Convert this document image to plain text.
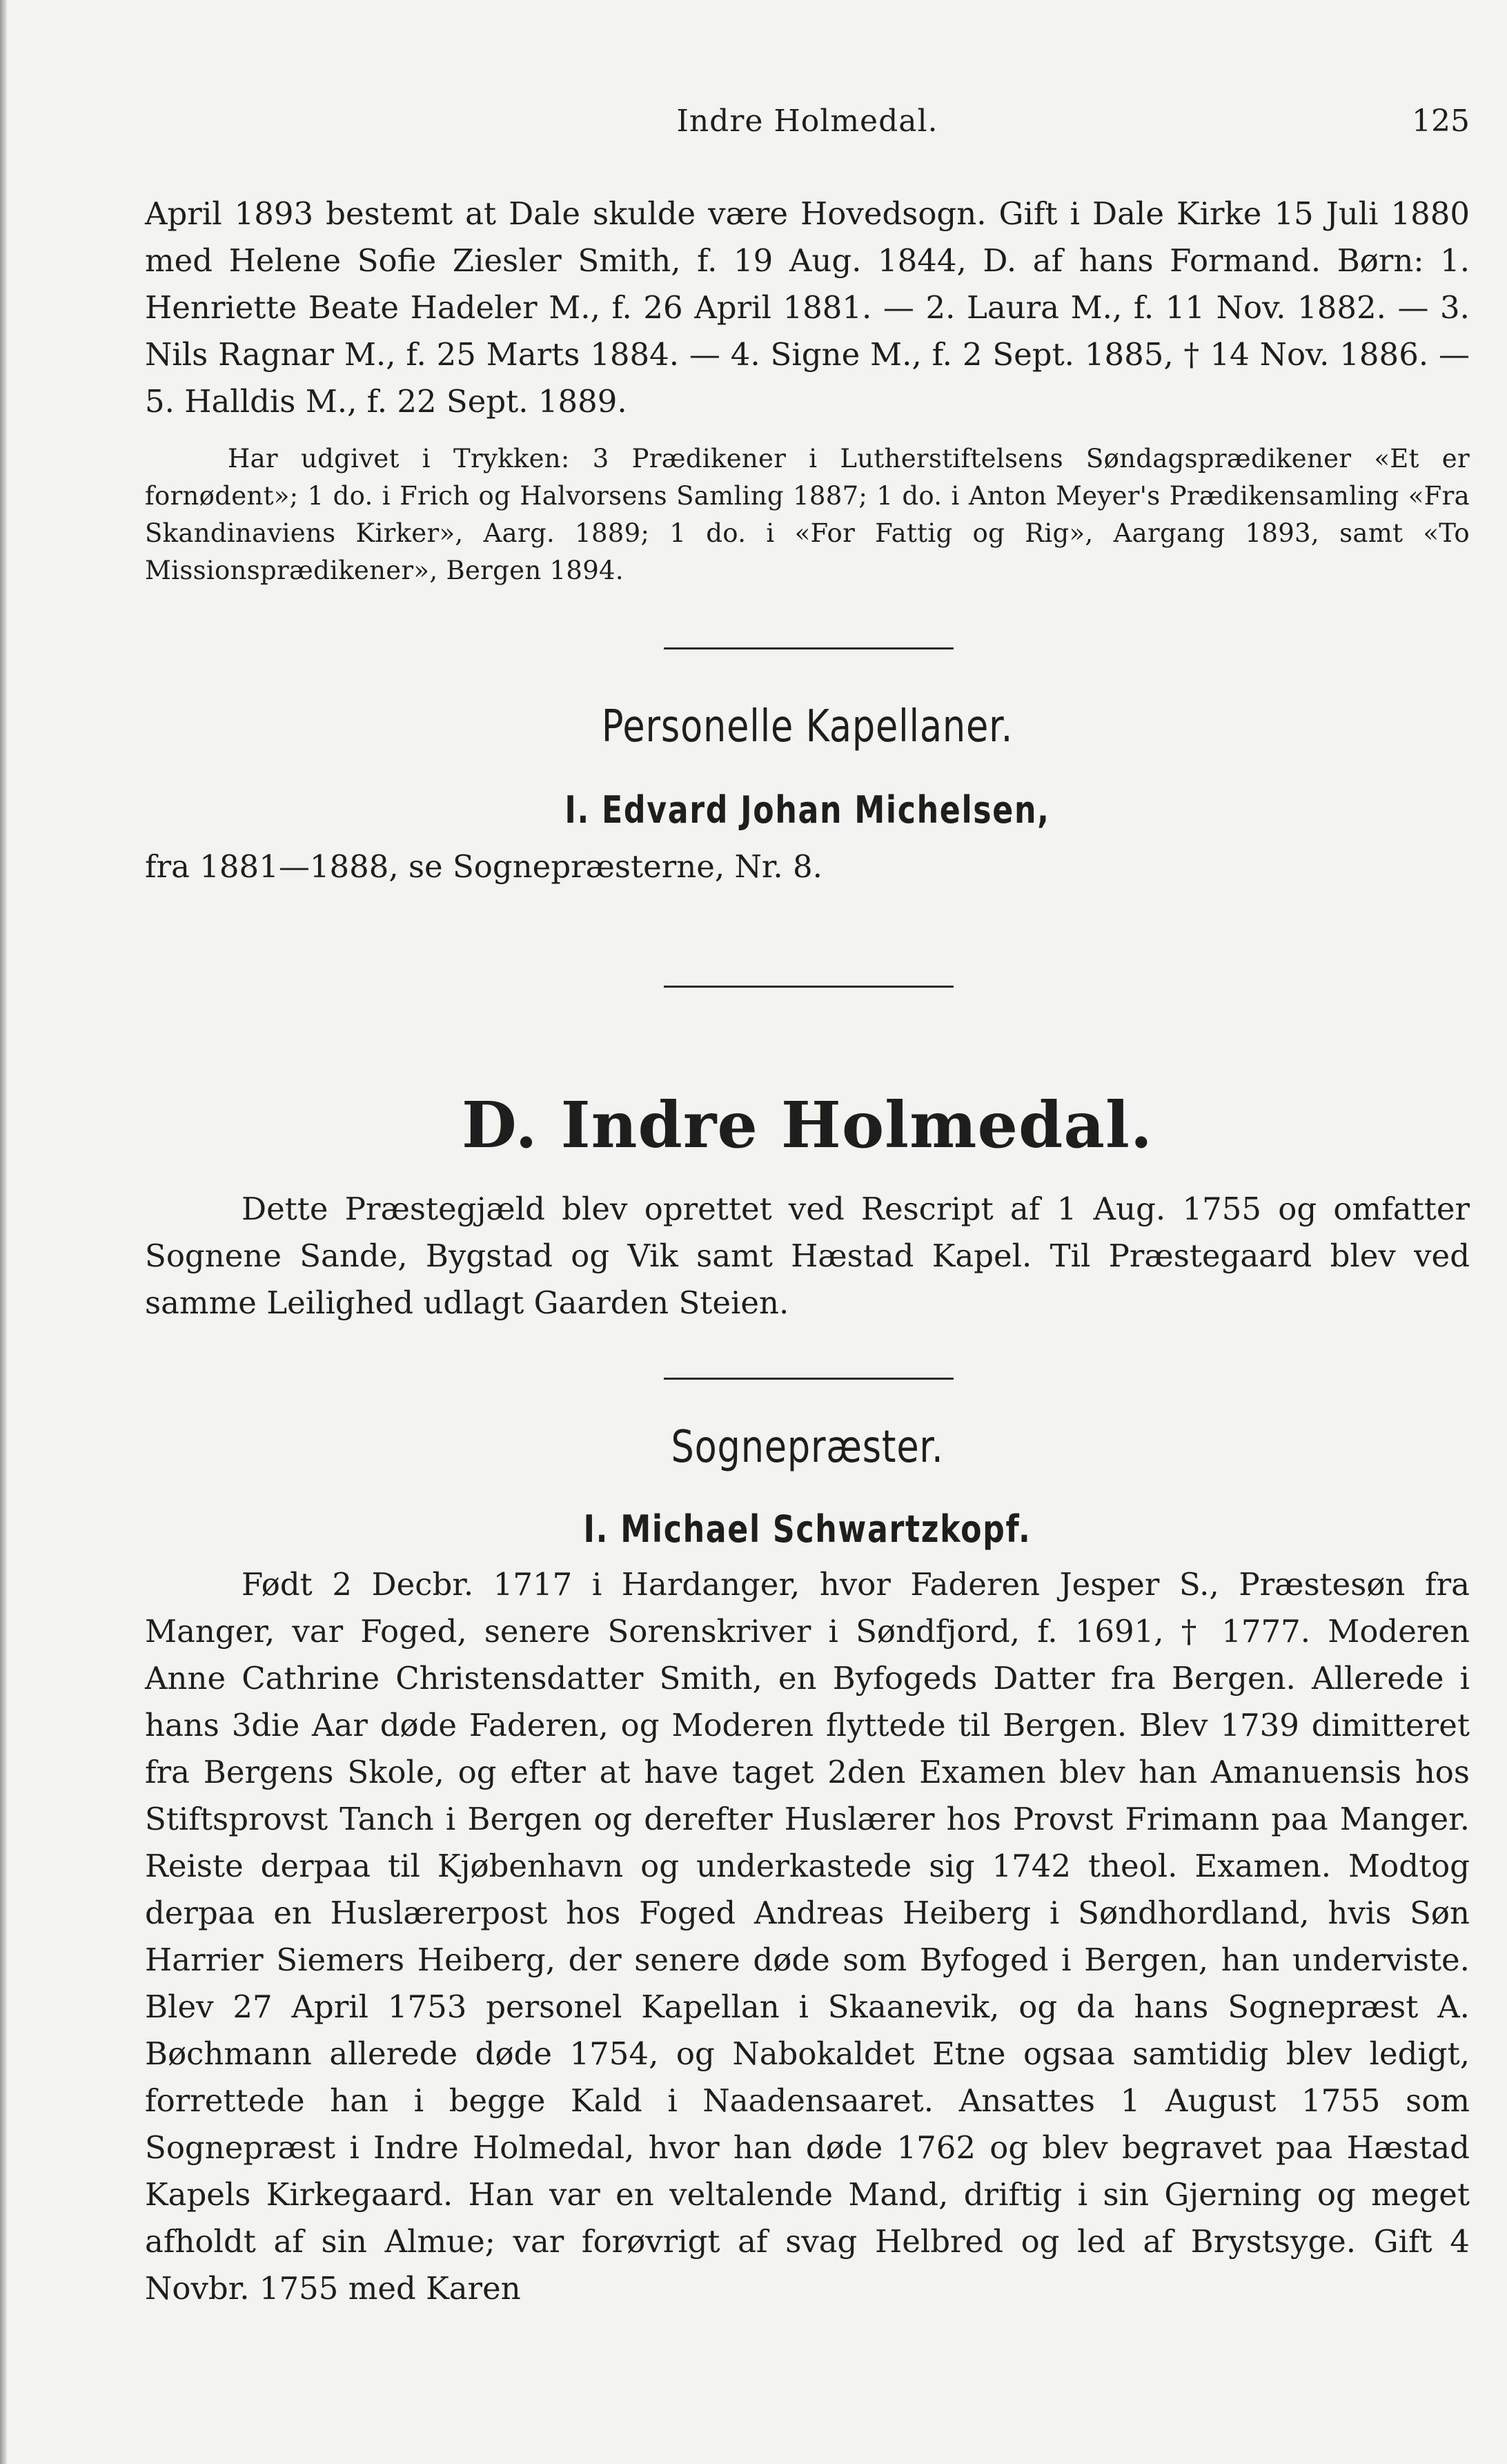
Indre Holmedal.	125

April 1893 bestemt at Dale skulde være Hovedsogn. Gift i Dale Kirke 15 Juli 1880 med Helene Sofie Ziesler Smith, f. 19 Aug. 1844, D. af hans Formand. Børn: 1. Henriette Beate Hadeler M., f. 26 April 1881. — 2. Laura M., f. 11 Nov. 1882. — 3. Nils Ragnar M., f. 25 Marts 1884. — 4. Signe M., f. 2 Sept. 1885, † 14 Nov. 1886. — 5. Halldis M., f. 22 Sept. 1889.

Har udgivet i Trykken: 3 Prædikener i Lutherstiftelsens Søndagsprædikener «Et er fornødent»; 1 do. i Frich og Halvorsens Samling 1887; 1 do. i Anton Meyer's Prædikensamling «Fra Skandinaviens Kirker», Aarg. 1889; 1 do. i «For Fattig og Rig», Aargang 1893, samt «To Missionsprædikener», Bergen 1894.

Personelle Kapellaner.
I. Edvard Johan Michelsen,

fra 1881—1888, se Sognepræsterne, Nr. 8.

D. Indre Holmedal.

Dette Præstegjæld blev oprettet ved Rescript af 1 Aug. 1755 og omfatter Sognene Sande, Bygstad og Vik samt Hæstad Kapel. Til Præstegaard blev ved samme Leilighed udlagt Gaarden Steien.

Sognepræster.
I. Michael Schwartzkopf.

Født 2 Decbr. 1717 i Hardanger, hvor Faderen Jesper S., Præstesøn fra Manger, var Foged, senere Sorenskriver i Søndfjord, f. 1691, † 1777. Moderen Anne Cathrine Christensdatter Smith, en Byfogeds Datter fra Bergen. Allerede i hans 3die Aar døde Faderen, og Moderen flyttede til Bergen. Blev 1739 dimitteret fra Bergens Skole, og efter at have taget 2den Examen blev han Amanuensis hos Stiftsprovst Tanch i Bergen og derefter Huslærer hos Provst Frimann paa Manger. Reiste derpaa til Kjøbenhavn og underkastede sig 1742 theol. Examen. Modtog derpaa en Huslærerpost hos Foged Andreas Heiberg i Søndhordland, hvis Søn Harrier Siemers Heiberg, der senere døde som Byfoged i Bergen, han underviste. Blev 27 April 1753 personel Kapellan i Skaanevik, og da hans Sognepræst A. Bøchmann allerede døde 1754, og Nabokaldet Etne ogsaa samtidig blev ledigt, forrettede han i begge Kald i Naadensaaret. Ansattes 1 August 1755 som Sognepræst i Indre Holmedal, hvor han døde 1762 og blev begravet paa Hæstad Kapels Kirkegaard. Han var en veltalende Mand, driftig i sin Gjerning og meget afholdt af sin Almue; var forøvrigt af svag Helbred og led af Brystsyge. Gift 4 Novbr. 1755 med Karen
